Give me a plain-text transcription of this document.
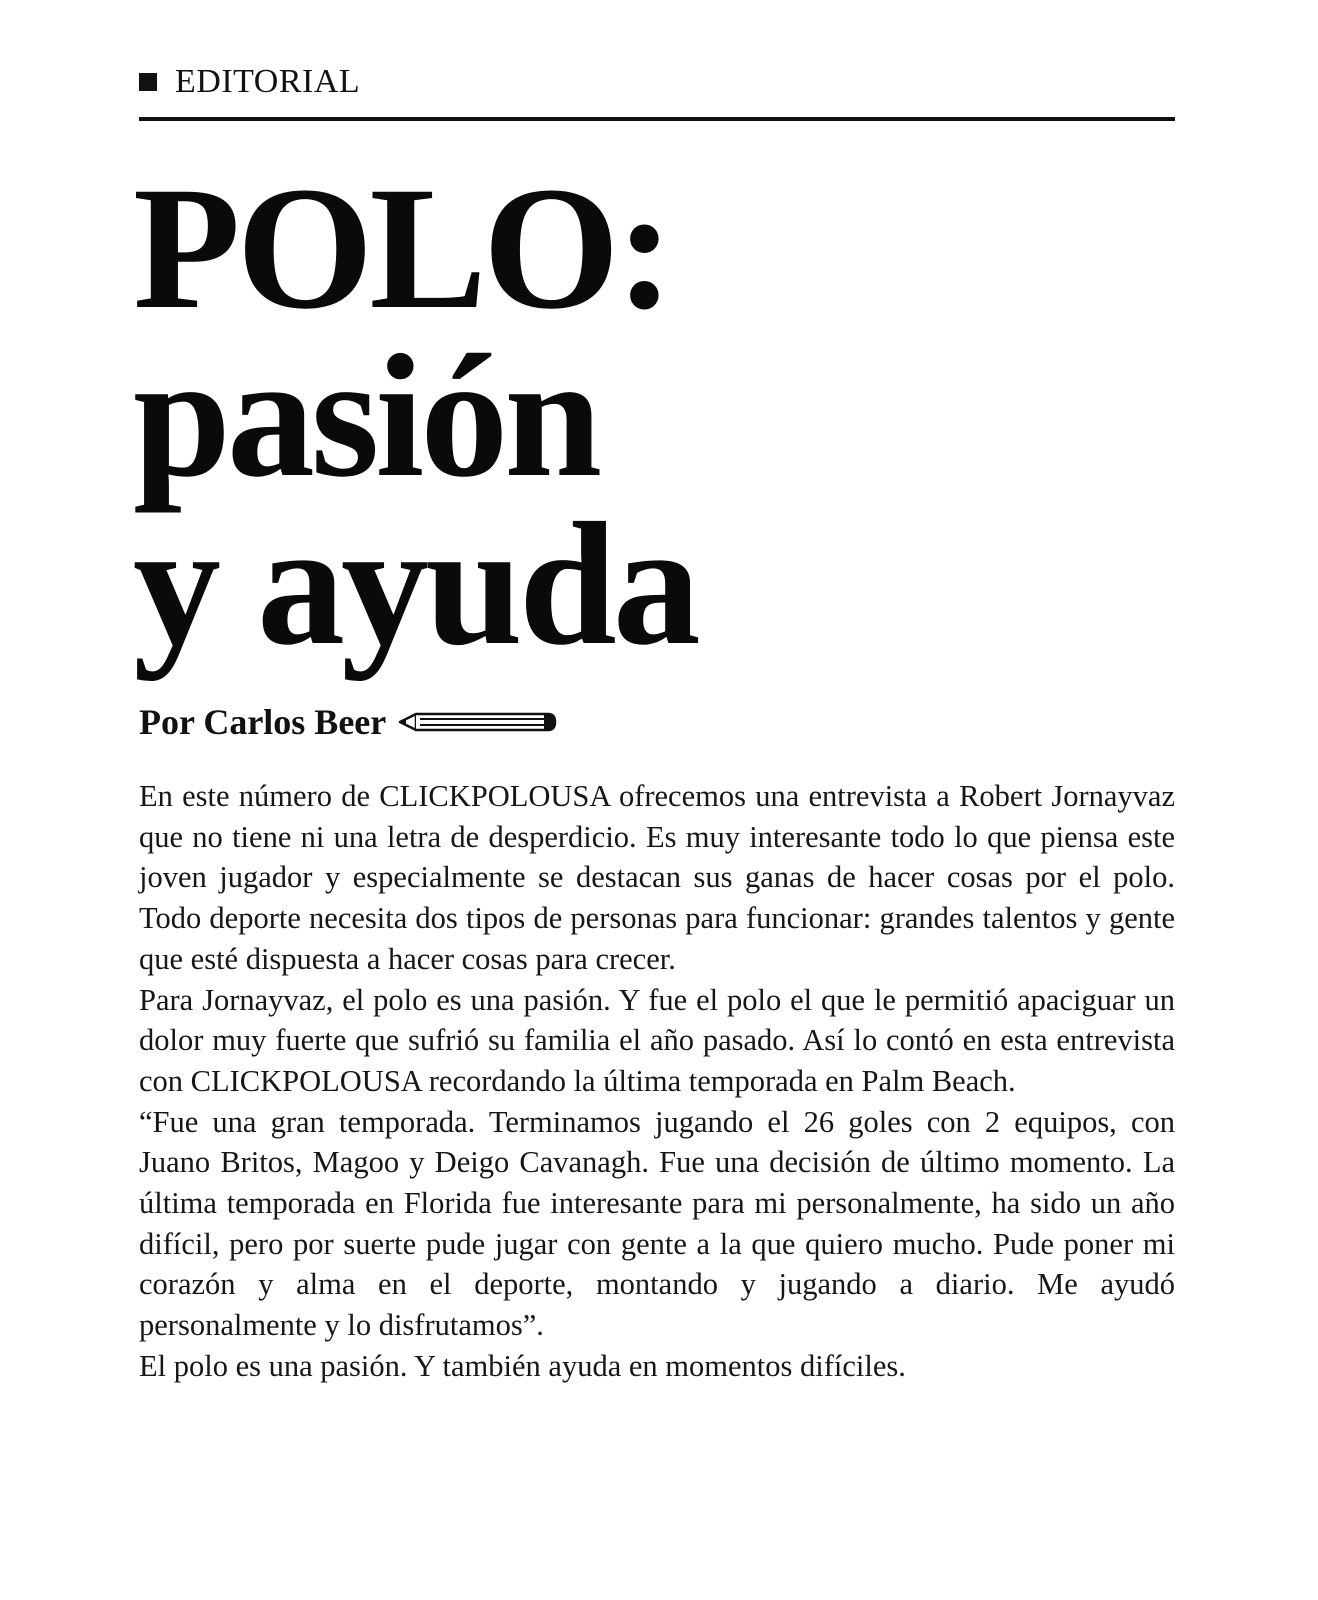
EDITORIAL
POLO:
pasión
y ayuda
Por Carlos Beer

En este número de CLICKPOLOUSA ofrecemos una entrevista a Robert Jornayvaz que no tiene ni una letra de desperdicio. Es muy interesante todo lo que piensa este joven jugador y especialmente se destacan sus ganas de hacer cosas por el polo. Todo deporte necesita dos tipos de personas para funcionar: grandes talentos y gente que esté dispuesta a hacer cosas para crecer.

Para Jornayvaz, el polo es una pasión. Y fue el polo el que le permitió apaciguar un dolor muy fuerte que sufrió su familia el año pasado. Así lo contó en esta entrevista con CLICKPOLOUSA recordando la última temporada en Palm Beach.

“Fue una gran temporada. Terminamos jugando el 26 goles con 2 equipos, con Juano Britos, Magoo y Deigo Cavanagh. Fue una decisión de último momento. La última temporada en Florida fue interesante para mi personalmente, ha sido un año difícil, pero por suerte pude jugar con gente a la que quiero mucho. Pude poner mi corazón y alma en el deporte, montando y jugando a diario. Me ayudó personalmente y lo disfrutamos”.

El polo es una pasión. Y también ayuda en momentos difíciles.
